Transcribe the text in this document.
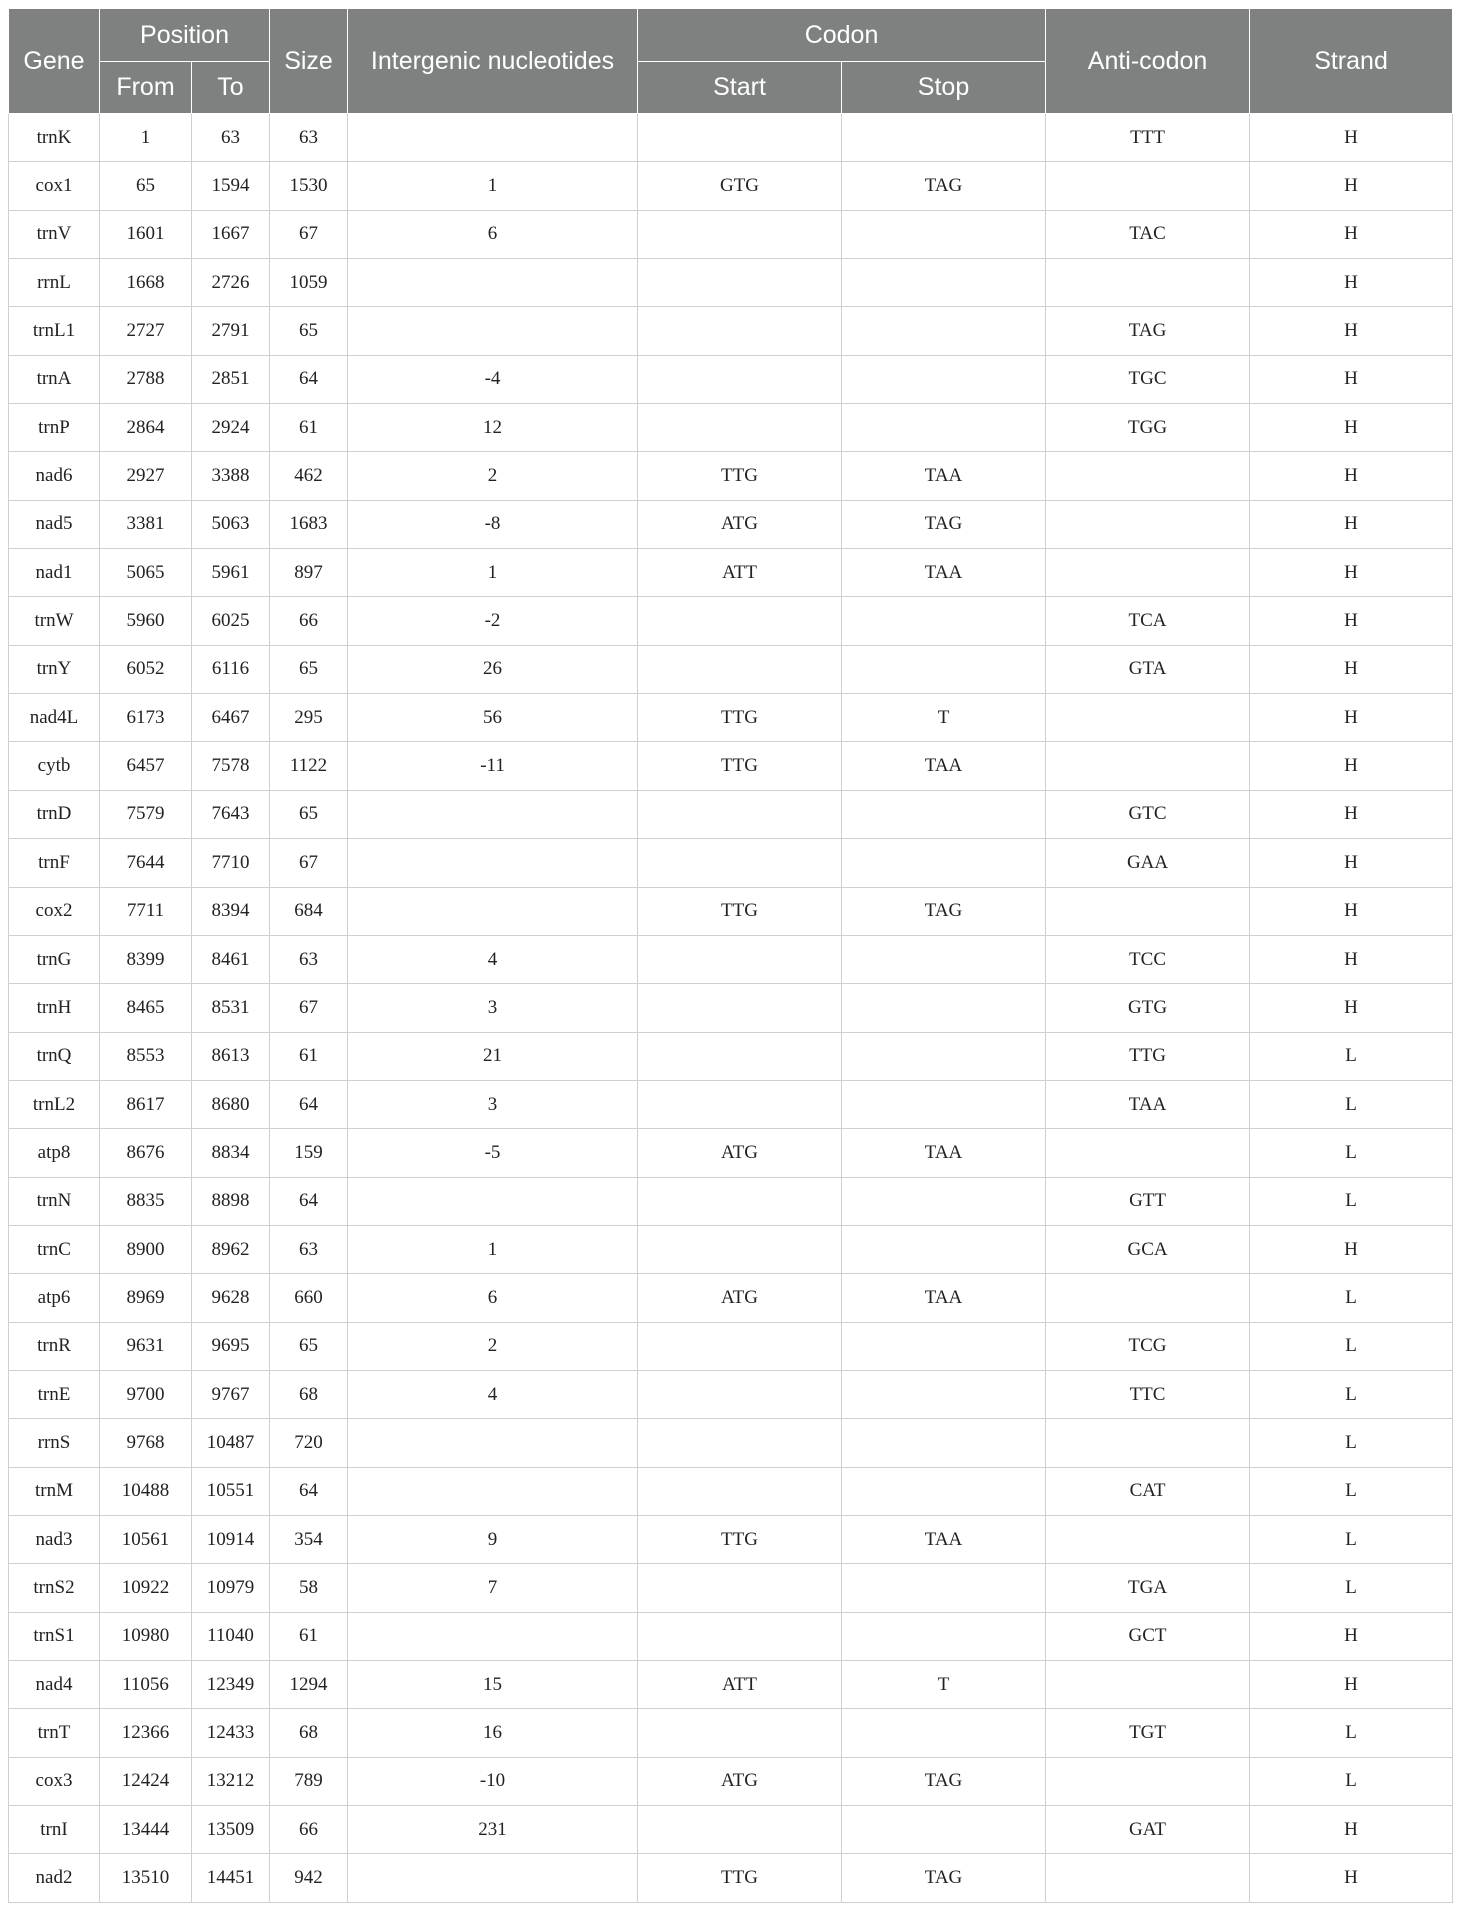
Gene	Position		Size	Intergenic nucleotides	Codon		Anti-codon	Strand
	From	To			Start	Stop		
trnK	1	63	63				TTT	H
cox1	65	1594	1530	1	GTG	TAG		H
trnV	1601	1667	67	6			TAC	H
rrnL	1668	2726	1059					H
trnL1	2727	2791	65				TAG	H
trnA	2788	2851	64	-4			TGC	H
trnP	2864	2924	61	12			TGG	H
nad6	2927	3388	462	2	TTG	TAA		H
nad5	3381	5063	1683	-8	ATG	TAG		H
nad1	5065	5961	897	1	ATT	TAA		H
trnW	5960	6025	66	-2			TCA	H
trnY	6052	6116	65	26			GTA	H
nad4L	6173	6467	295	56	TTG	T		H
cytb	6457	7578	1122	-11	TTG	TAA		H
trnD	7579	7643	65				GTC	H
trnF	7644	7710	67				GAA	H
cox2	7711	8394	684		TTG	TAG		H
trnG	8399	8461	63	4			TCC	H
trnH	8465	8531	67	3			GTG	H
trnQ	8553	8613	61	21			TTG	L
trnL2	8617	8680	64	3			TAA	L
atp8	8676	8834	159	-5	ATG	TAA		L
trnN	8835	8898	64				GTT	L
trnC	8900	8962	63	1			GCA	H
atp6	8969	9628	660	6	ATG	TAA		L
trnR	9631	9695	65	2			TCG	L
trnE	9700	9767	68	4			TTC	L
rrnS	9768	10487	720					L
trnM	10488	10551	64				CAT	L
nad3	10561	10914	354	9	TTG	TAA		L
trnS2	10922	10979	58	7			TGA	L
trnS1	10980	11040	61				GCT	H
nad4	11056	12349	1294	15	ATT	T		H
trnT	12366	12433	68	16			TGT	L
cox3	12424	13212	789	-10	ATG	TAG		L
trnI	13444	13509	66	231			GAT	H
nad2	13510	14451	942		TTG	TAG		H
